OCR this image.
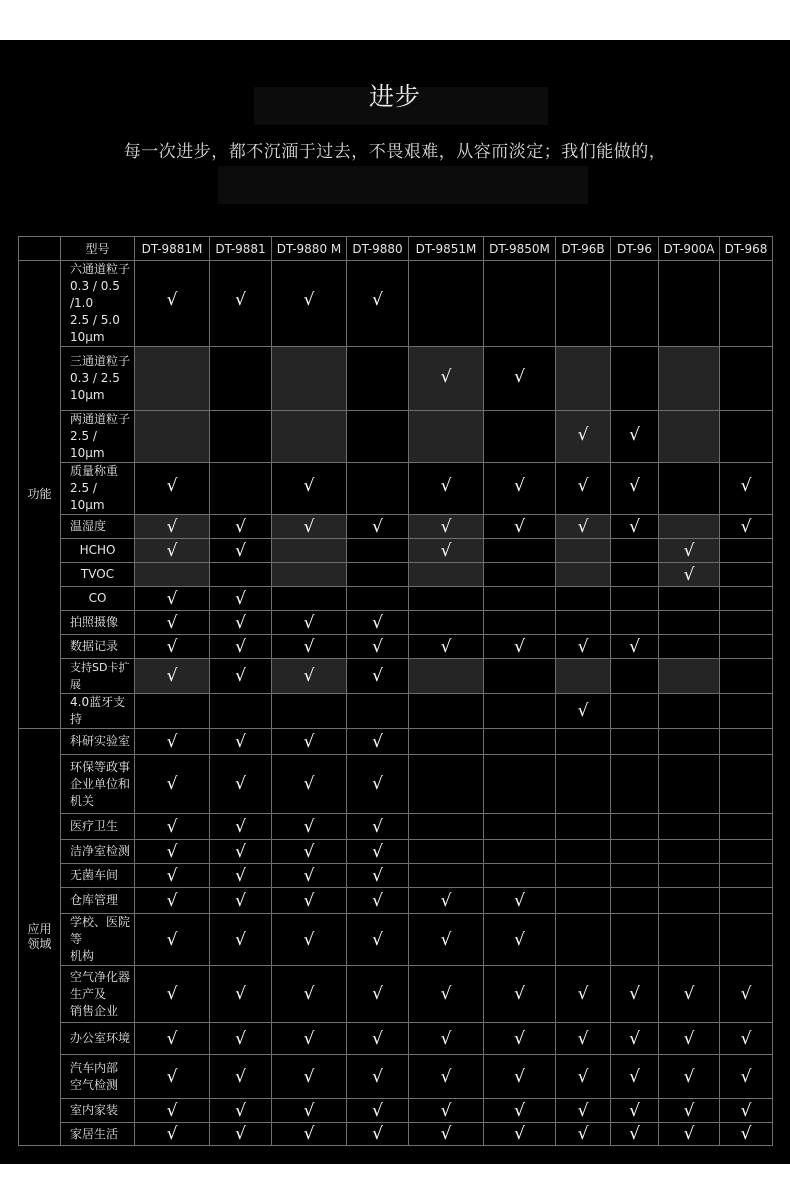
进步
每一次进步，都不沉湎于过去，不畏艰难，从容而淡定；我们能做的，
	型号	DT-9881M	DT-9881	DT-9880 M	DT-9880	DT-9851M	DT-9850M	DT-96B	DT-96	DT-900A	DT-968
功能	六通道粒子
0.3 / 0.5 /1.0
2.5 / 5.0
10μm	√	√	√	√						

	三通道粒子
0.3 / 2.5
10μm					√	√				

	两通道粒子
2.5 / 10μm							√	√		

	质量称重
2.5 / 10μm	√		√		√	√	√	√		√

	温湿度	√	√	√	√	√	√	√	√		√

	HCHO	√	√			√				√	

	TVOC									√	

	CO	√	√								

	拍照摄像	√	√	√	√						

	数据记录	√	√	√	√	√	√	√	√		

	支持SD卡扩展	√	√	√	√						

	4.0蓝牙支持							√			
应用
领域	科研实验室	√	√	√	√						

	环保等政事
企业单位和
机关	√	√	√	√						

	医疗卫生	√	√	√	√						

	洁净室检测	√	√	√	√						

	无菌车间	√	√	√	√						

	仓库管理	√	√	√	√	√	√				

	学校、医院等
机构	√	√	√	√	√	√				

	空气净化器
生产及
销售企业	√	√	√	√	√	√	√	√	√	√

	办公室环境	√	√	√	√	√	√	√	√	√	√

	汽车内部
空气检测	√	√	√	√	√	√	√	√	√	√

	室内家装	√	√	√	√	√	√	√	√	√	√

	家居生活	√	√	√	√	√	√	√	√	√	√
